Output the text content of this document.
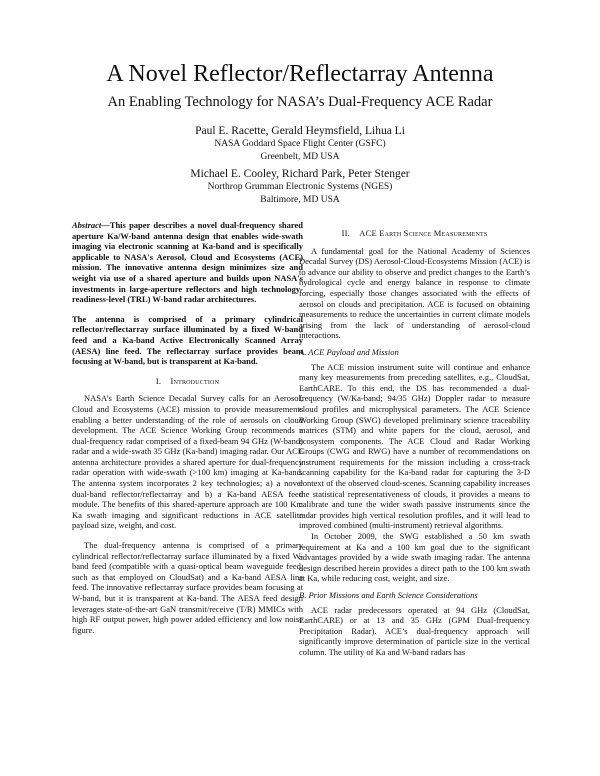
A Novel Reflector/Reflectarray Antenna
An Enabling Technology for NASA’s Dual-Frequency ACE Radar
Paul E. Racette, Gerald Heymsfield, Lihua Li
NASA Goddard Space Flight Center (GSFC)
Greenbelt, MD USA
Michael E. Cooley, Richard Park, Peter Stenger
Northrop Grumman Electronic Systems (NGES)
Baltimore, MD USA

Abstract—This paper describes a novel dual-frequency shared aperture Ka/W-band antenna design that enables wide-swath imaging via electronic scanning at Ka-band and is specifically applicable to NASA's Aerosol, Cloud and Ecosystems (ACE) mission. The innovative antenna design minimizes size and weight via use of a shared aperture and builds upon NASA's investments in large-aperture reflectors and high technology-readiness-level (TRL) W-band radar architectures.

The antenna is comprised of a primary cylindrical reflector/reflectarray surface illuminated by a fixed W-band feed and a Ka-band Active Electronically Scanned Array (AESA) line feed. The reflectarray surface provides beam focusing at W-band, but is transparent at Ka-band.

I. Introduction

NASA’s Earth Science Decadal Survey calls for an Aerosol, Cloud and Ecosystems (ACE) mission to provide measurements enabling a better understanding of the role of aerosols on cloud development. The ACE Science Working Group recommends a dual-frequency radar comprised of a fixed-beam 94 GHz (W-band) radar and a wide-swath 35 GHz (Ka-band) imaging radar. Our ACE antenna architecture provides a shared aperture for dual-frequency radar operation with wide-swath (>100 km) imaging at Ka-band. The antenna system incorporates 2 key technologies; a) a novel dual-band reflector/reflectarray and b) a Ka-band AESA feed module. The benefits of this shared-aperture approach are 100 Km Ka swath imaging and significant reductions in ACE satellite payload size, weight, and cost.

The dual-frequency antenna is comprised of a primary cylindrical reflector/reflectarray surface illuminated by a fixed W-band feed (compatible with a quasi-optical beam waveguide feed, such as that employed on CloudSat) and a Ka-band AESA line feed. The innovative reflectarray surface provides beam focusing at W-band, but it is transparent at Ka-band. The AESA feed design leverages state-of-the-art GaN transmit/receive (T/R) MMICs with high RF output power, high power added efficiency and low noise figure.

II. ACE Earth Science Measurements

A fundamental goal for the National Academy of Sciences Decadal Survey (DS) Aerosol-Cloud-Ecosystems Mission (ACE) is to advance our ability to observe and predict changes to the Earth’s hydrological cycle and energy balance in response to climate forcing, especially those changes associated with the effects of aerosol on clouds and precipitation. ACE is focused on obtaining measurements to reduce the uncertainties in current climate models arising from the lack of understanding of aerosol-cloud interactions.

A. ACE Payload and Mission

The ACE mission instrument suite will continue and enhance many key measurements from preceding satellites, e.g., CloudSat, EarthCARE. To this end, the DS has recommended a dual-frequency (W/Ka-band; 94/35 GHz) Doppler radar to measure cloud profiles and microphysical parameters. The ACE Science Working Group (SWG) developed preliminary science traceability matrices (STM) and white papers for the cloud, aerosol, and ecosystem components. The ACE Cloud and Radar Working Groups (CWG and RWG) have a number of recommendations on instrument requirements for the mission including a cross-track scanning capability for the Ka-band radar for capturing the 3-D context of the observed cloud-scenes. Scanning capability increases the statistical representativeness of clouds, it provides a means to calibrate and tune the wider swath passive instruments since the radar provides high vertical resolution profiles, and it will lead to improved combined (multi-instrument) retrieval algorithms.

In October 2009, the SWG established a 50 km swath requirement at Ka and a 100 km goal due to the significant advantages provided by a wide swath imaging radar. The antenna design described herein provides a direct path to the 100 km swath at Ka, while reducing cost, weight, and size.

B. Prior Missions and Earth Science Considerations

ACE radar predecessors operated at 94 GHz (CloudSat, EarthCARE) or at 13 and 35 GHz (GPM Dual-frequency Precipitation Radar). ACE’s dual-frequency approach will significantly improve determination of particle size in the vertical column. The utility of Ka and W-band radars has
